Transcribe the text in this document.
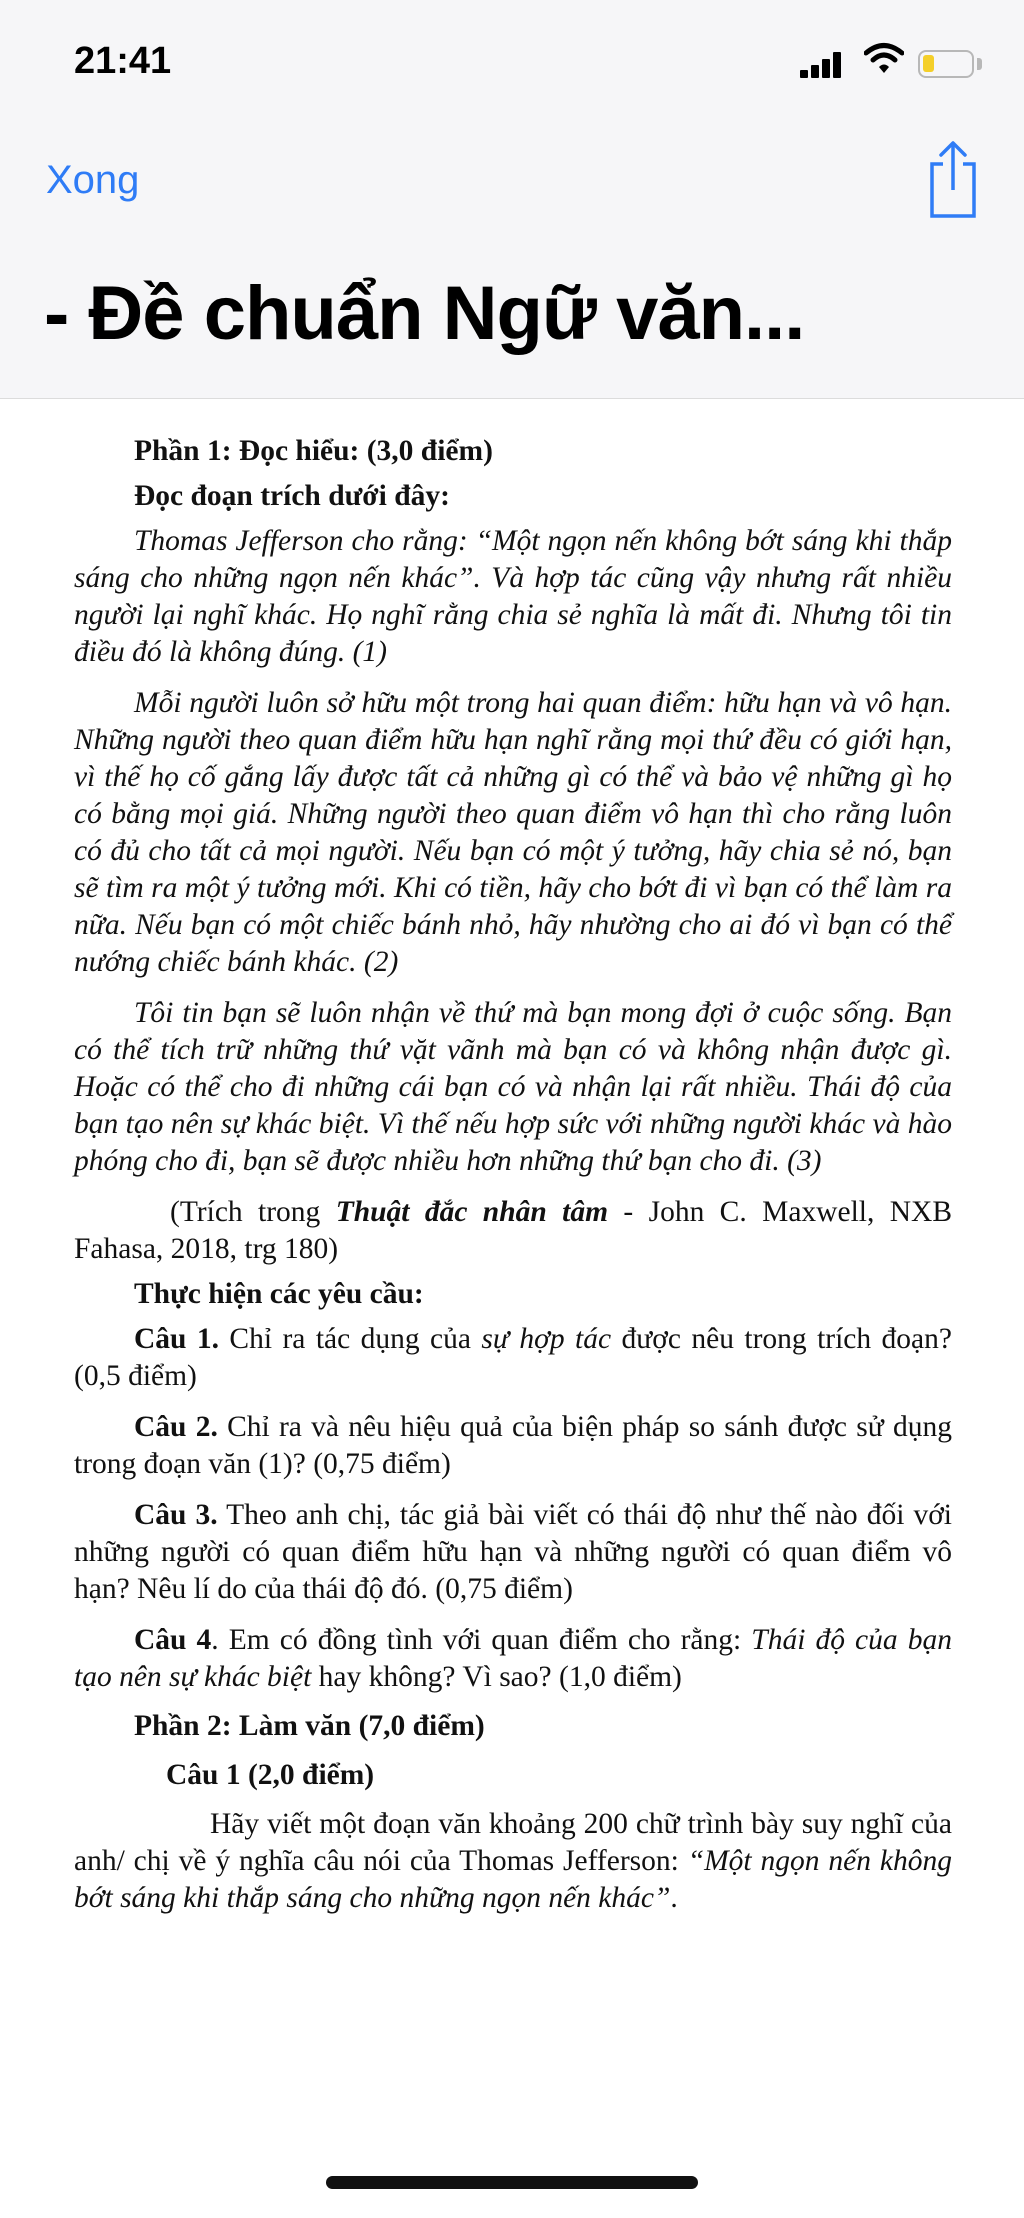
21:41
Xong
- Đề chuẩn Ngữ văn...

Phần 1: Đọc hiểu: (3,0 điểm)

Đọc đoạn trích dưới đây:

Thomas Jefferson cho rằng: “Một ngọn nến không bớt sáng khi thắp sáng cho những ngọn nến khác”. Và hợp tác cũng vậy nhưng rất nhiều người lại nghĩ khác. Họ nghĩ rằng chia sẻ nghĩa là mất đi. Nhưng tôi tin điều đó là không đúng. (1)

Mỗi người luôn sở hữu một trong hai quan điểm: hữu hạn và vô hạn. Những người theo quan điểm hữu hạn nghĩ rằng mọi thứ đều có giới hạn, vì thế họ cố gắng lấy được tất cả những gì có thể và bảo vệ những gì họ có bằng mọi giá. Những người theo quan điểm vô hạn thì cho rằng luôn có đủ cho tất cả mọi người. Nếu bạn có một ý tưởng, hãy chia sẻ nó, bạn sẽ tìm ra một ý tưởng mới. Khi có tiền, hãy cho bớt đi vì bạn có thể làm ra nữa. Nếu bạn có một chiếc bánh nhỏ, hãy nhường cho ai đó vì bạn có thể nướng chiếc bánh khác. (2)

Tôi tin bạn sẽ luôn nhận về thứ mà bạn mong đợi ở cuộc sống. Bạn có thể tích trữ những thứ vặt vãnh mà bạn có và không nhận được gì. Hoặc có thể cho đi những cái bạn có và nhận lại rất nhiều. Thái độ của bạn tạo nên sự khác biệt. Vì thế nếu hợp sức với những người khác và hào phóng cho đi, bạn sẽ được nhiều hơn những thứ bạn cho đi. (3)

(Trích trong Thuật đắc nhân tâm - John C. Maxwell, NXB Fahasa, 2018, trg 180)

Thực hiện các yêu cầu:

Câu 1. Chỉ ra tác dụng của sự hợp tác được nêu trong trích đoạn? (0,5 điểm)

Câu 2. Chỉ ra và nêu hiệu quả của biện pháp so sánh được sử dụng trong đoạn văn (1)? (0,75 điểm)

Câu 3. Theo anh chị, tác giả bài viết có thái độ như thế nào đối với những người có quan điểm hữu hạn và những người có quan điểm vô hạn? Nêu lí do của thái độ đó. (0,75 điểm)

Câu 4. Em có đồng tình với quan điểm cho rằng: Thái độ của bạn tạo nên sự khác biệt hay không? Vì sao? (1,0 điểm)

Phần 2: Làm văn (7,0 điểm)

Câu 1 (2,0 điểm)

Hãy viết một đoạn văn khoảng 200 chữ trình bày suy nghĩ của anh/ chị về ý nghĩa câu nói của Thomas Jefferson: “Một ngọn nến không bớt sáng khi thắp sáng cho những ngọn nến khác”.
